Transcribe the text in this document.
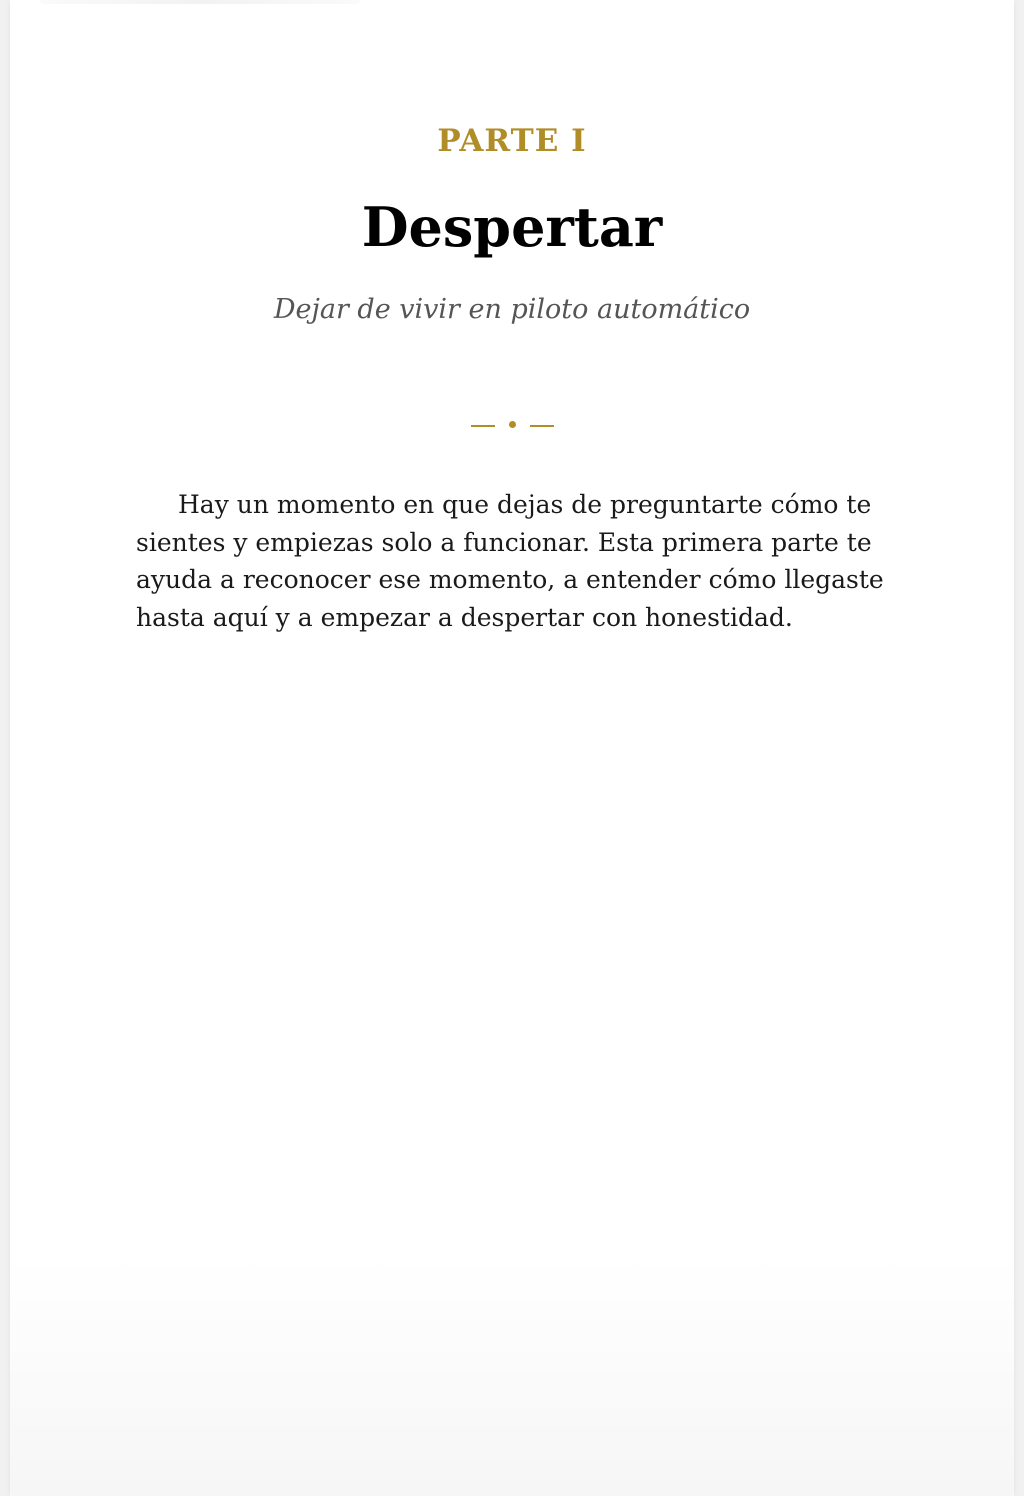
PARTE I
Despertar
Dejar de vivir en piloto automático

Hay un momento en que dejas de preguntarte cómo te sientes y empiezas solo a funcionar. Esta primera parte te ayuda a reconocer ese momento, a entender cómo llegaste hasta aquí y a empezar a despertar con honestidad.
